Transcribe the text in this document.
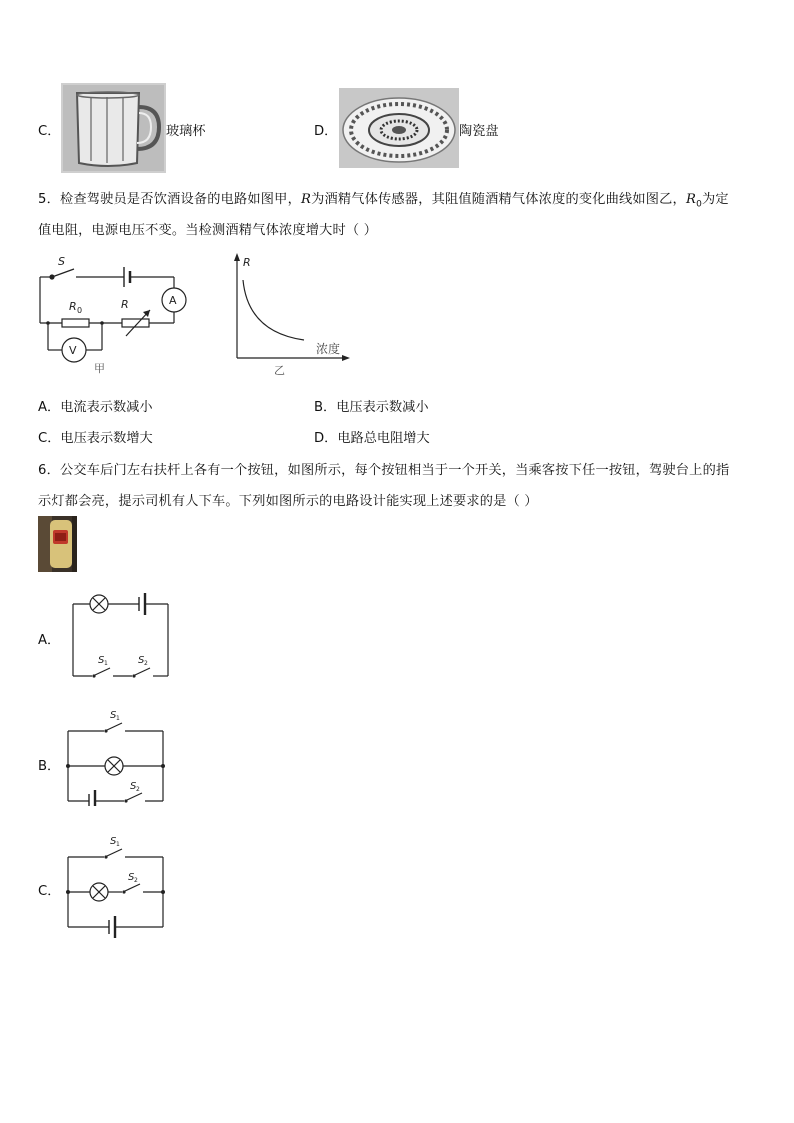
C．	玻璃杯	D．	陶瓷盘
5．检查驾驶员是否饮酒设备的电路如图甲，R为酒精气体传感器，其阻值随酒精气体浓度的变化曲线如图乙，$R_0$为定
值电阻，电源电压不变。当检测酒精气体浓度增大时（ ）
S
R 0	R	A
V
甲
R
浓度
乙
A．电流表示数减小	B．电压表示数减小
C．电压表示数增大	D．电路总电阻增大
6．公交车后门左右扶杆上各有一个按钮，如图所示，每个按钮相当于一个开关，当乘客按下任一按钮，驾驶台上的指
示灯都会亮，提示司机有人下车。下列如图所示的电路设计能实现上述要求的是（ ）
A．
S 1	S 2
B．
S 1
S 2
C．
S 1
S 2
